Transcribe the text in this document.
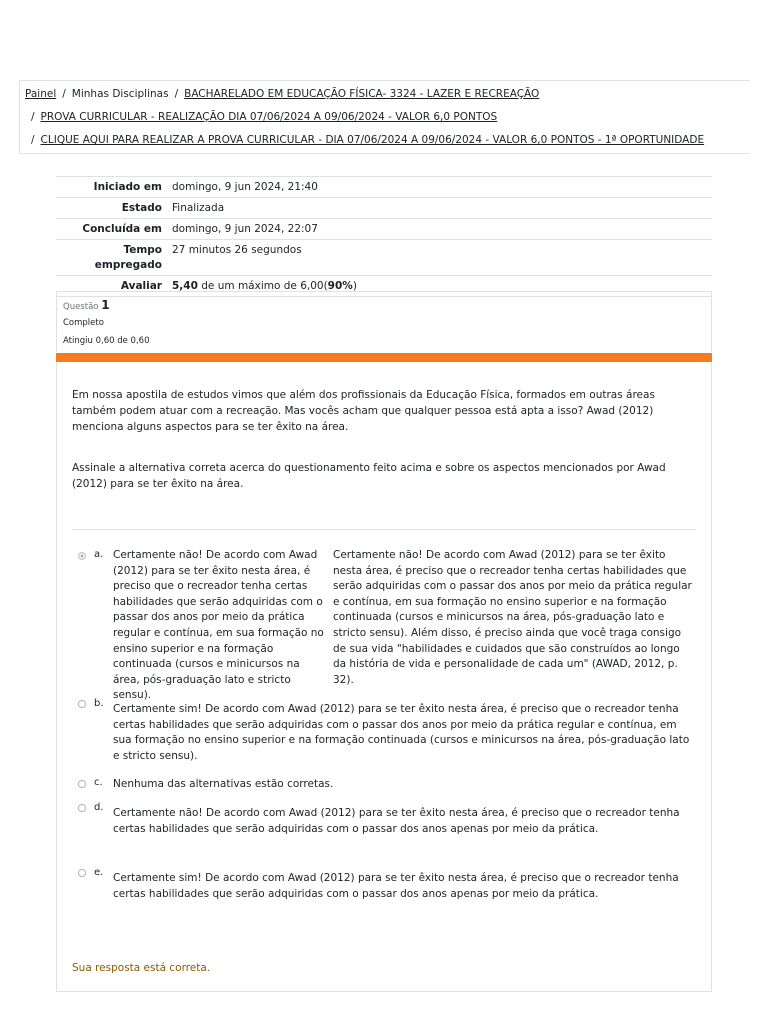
Painel / Minhas Disciplinas / BACHARELADO EM EDUCAÇÃO FÍSICA- 3324 - LAZER E RECREAÇÃO
/ PROVA CURRICULAR - REALIZAÇÃO DIA 07/06/2024 A 09/06/2024 - VALOR 6,0 PONTOS
/ CLIQUE AQUI PARA REALIZAR A PROVA CURRICULAR - DIA 07/06/2024 A 09/06/2024 - VALOR 6,0 PONTOS - 1ª OPORTUNIDADE
Iniciado em	domingo, 9 jun 2024, 21:40
Estado	Finalizada
Concluída em	domingo, 9 jun 2024, 22:07
Tempo
empregado	27 minutos 26 segundos
Avaliar	5,40 de um máximo de 6,00(90%)
Questão 1
Completo
Atingiu 0,60 de 0,60
Em nossa apostila de estudos vimos que além dos profissionais da Educação Física, formados em outras áreas também podem atuar com a recreação. Mas vocês acham que qualquer pessoa está apta a isso? Awad (2012) menciona alguns aspectos para se ter êxito na área.
Assinale a alternativa correta acerca do questionamento feito acima e sobre os aspectos mencionados por Awad (2012) para se ter êxito na área.
a. Certamente não! De acordo com Awad (2012) para se ter êxito nesta área, é preciso que o recreador tenha certas habilidades que serão adquiridas com o passar dos anos por meio da prática regular e contínua, em sua formação no ensino superior e na formação continuada (cursos e minicursos na área, pós-graduação lato e stricto sensu).
Certamente não! De acordo com Awad (2012) para se ter êxito nesta área, é preciso que o recreador tenha certas habilidades que serão adquiridas com o passar dos anos por meio da prática regular e contínua, em sua formação no ensino superior e na formação continuada (cursos e minicursos na área, pós-graduação lato e stricto sensu). Além disso, é preciso ainda que você traga consigo de sua vida "habilidades e cuidados que são construídos ao longo da história de vida e personalidade de cada um" (AWAD, 2012, p. 32).
b. Certamente sim! De acordo com Awad (2012) para se ter êxito nesta área, é preciso que o recreador tenha certas habilidades que serão adquiridas com o passar dos anos por meio da prática regular e contínua, em sua formação no ensino superior e na formação continuada (cursos e minicursos na área, pós-graduação lato e stricto sensu).
c. Nenhuma das alternativas estão corretas.
d. Certamente não! De acordo com Awad (2012) para se ter êxito nesta área, é preciso que o recreador tenha certas habilidades que serão adquiridas com o passar dos anos apenas por meio da prática.
e. Certamente sim! De acordo com Awad (2012) para se ter êxito nesta área, é preciso que o recreador tenha certas habilidades que serão adquiridas com o passar dos anos apenas por meio da prática.
Sua resposta está correta.
